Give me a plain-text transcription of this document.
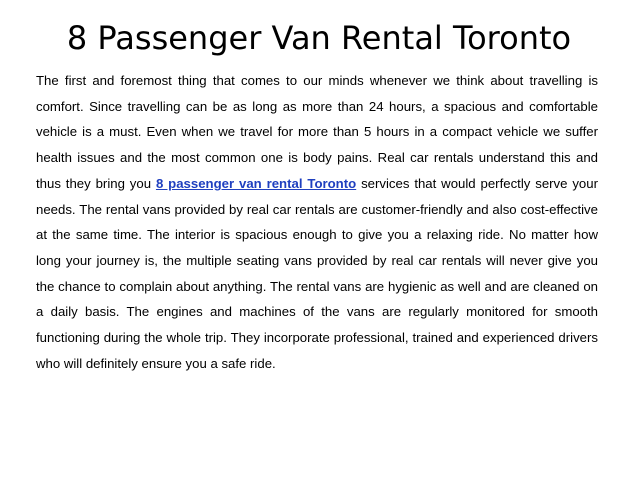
8 Passenger Van Rental Toronto

The first and foremost thing that comes to our minds whenever we think about travelling is comfort. Since travelling can be as long as more than 24 hours, a spacious and comfortable vehicle is a must. Even when we travel for more than 5 hours in a compact vehicle we suffer health issues and the most common one is body pains. Real car rentals understand this and thus they bring you 8 passenger van rental Toronto services that would perfectly serve your needs. The rental vans provided by real car rentals are customer-friendly and also cost-effective at the same time. The interior is spacious enough to give you a relaxing ride. No matter how long your journey is, the multiple seating vans provided by real car rentals will never give you the chance to complain about anything. The rental vans are hygienic as well and are cleaned on a daily basis. The engines and machines of the vans are regularly monitored for smooth functioning during the whole trip. They incorporate professional, trained and experienced drivers who will definitely ensure you a safe ride.
